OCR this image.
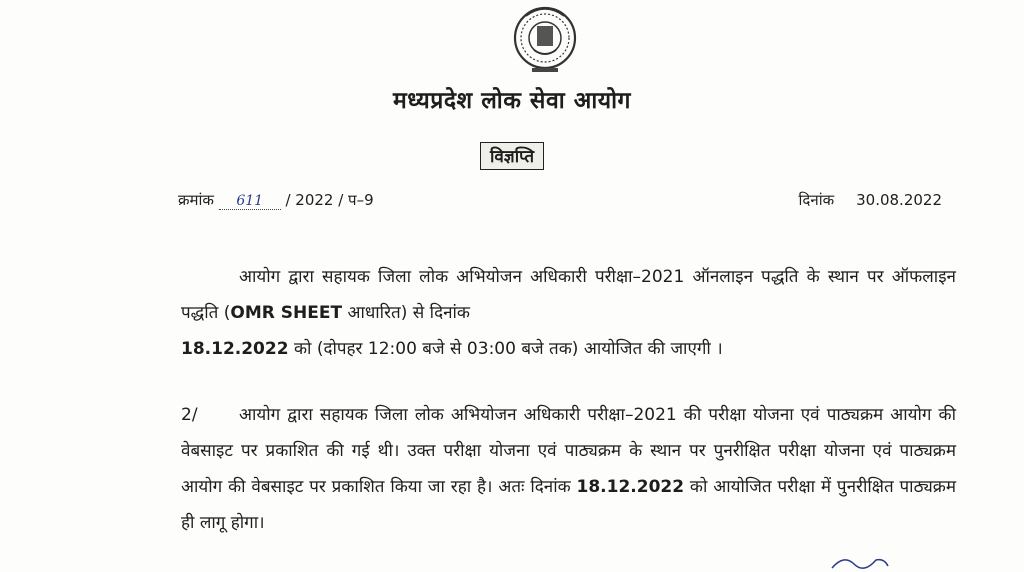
मध्यप्रदेश लोक सेवा आयोग
विज्ञप्ति
क्रमांक 611 / 2022 / प–9	दिनांक 30.08.2022
आयोग द्वारा सहायक जिला लोक अभियोजन अधिकारी परीक्षा–2021 ऑनलाइन पद्धति के स्थान पर ऑफलाइन पद्धति (OMR SHEET आधारित) से दिनांक
18.12.2022 को (दोपहर 12:00 बजे से 03:00 बजे तक) आयोजित की जाएगी ।
2/ आयोग द्वारा सहायक जिला लोक अभियोजन अधिकारी परीक्षा–2021 की परीक्षा योजना एवं पाठ्यक्रम आयोग की वेबसाइट पर प्रकाशित की गई थी। उक्त परीक्षा योजना एवं पाठ्यक्रम के स्थान पर पुनरीक्षित परीक्षा योजना एवं पाठ्यक्रम आयोग की वेबसाइट पर प्रकाशित किया जा रहा है। अतः दिनांक 18.12.2022 को आयोजित परीक्षा में पुनरीक्षित पाठ्यक्रम ही लागू होगा।
